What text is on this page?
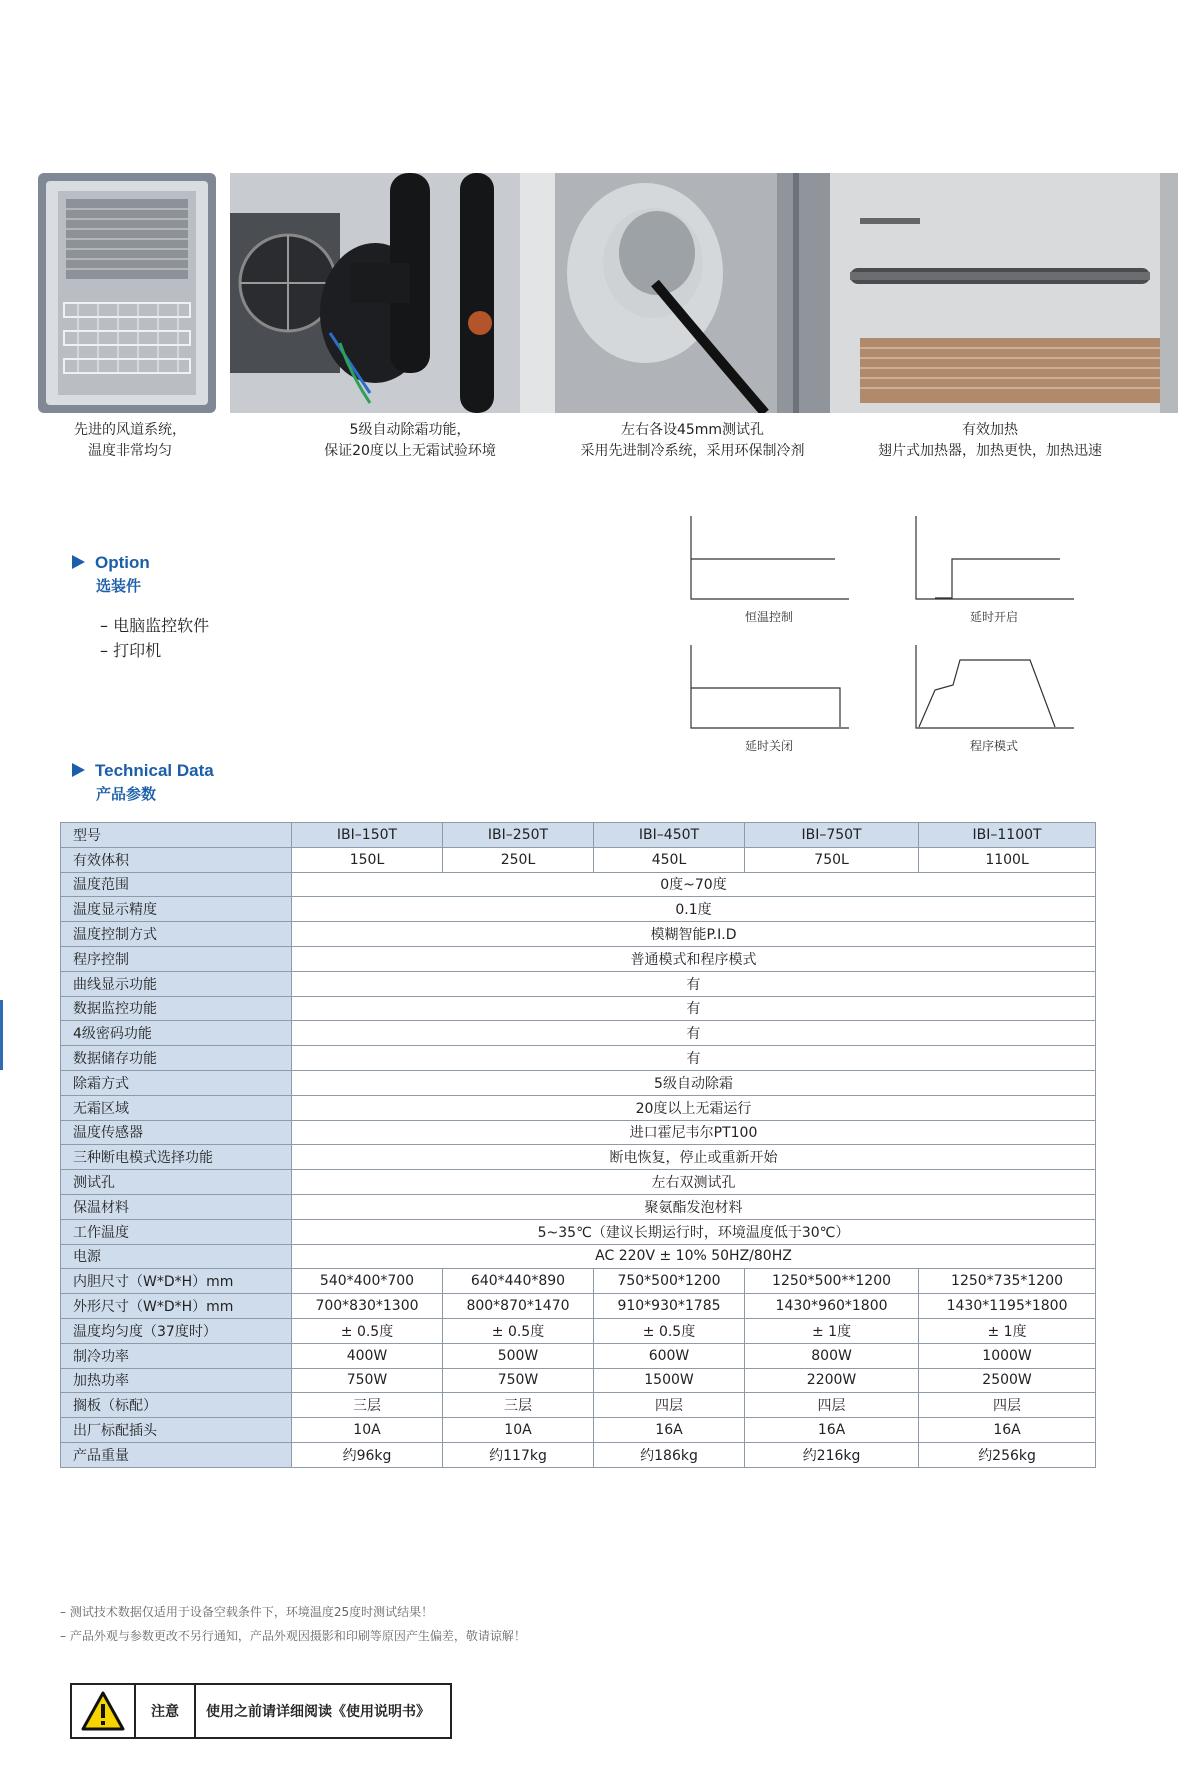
先进的风道系统，
温度非常均匀
5级自动除霜功能，
保证20度以上无霜试验环境
左右各设45mm测试孔
采用先进制冷系统，采用环保制冷剂
有效加热
翅片式加热器，加热更快，加热迅速
Option
选装件
– 电脑监控软件
– 打印机
恒温控制	延时开启
延时关闭	程序模式
Technical Data
产品参数
型号	IBI–150T	IBI–250T	IBI–450T	IBI–750T	IBI–1100T
有效体积	150L	250L	450L	750L	1100L
温度范围	0度~70度				
温度显示精度	0.1度				
温度控制方式	模糊智能P.I.D				
程序控制	普通模式和程序模式				
曲线显示功能	有				
数据监控功能	有				
4级密码功能	有				
数据储存功能	有				
除霜方式	5级自动除霜				
无霜区域	20度以上无霜运行				
温度传感器	进口霍尼韦尔PT100				
三种断电模式选择功能	断电恢复，停止或重新开始				
测试孔	左右双测试孔				
保温材料	聚氨酯发泡材料				
工作温度	5~35℃（建议长期运行时，环境温度低于30℃）				
电源	AC 220V ± 10% 50HZ/80HZ				
内胆尺寸（W*D*H）mm	540*400*700	640*440*890	750*500*1200	1250*500**1200	1250*735*1200
外形尺寸（W*D*H）mm	700*830*1300	800*870*1470	910*930*1785	1430*960*1800	1430*1195*1800
温度均匀度（37度时）	± 0.5度	± 0.5度	± 0.5度	± 1度	± 1度
制冷功率	400W	500W	600W	800W	1000W
加热功率	750W	750W	1500W	2200W	2500W
搁板（标配）	三层	三层	四层	四层	四层
出厂标配插头	10A	10A	16A	16A	16A
产品重量	约96kg	约117kg	约186kg	约216kg	约256kg
– 测试技术数据仅适用于设备空载条件下，环境温度25度时测试结果！
– 产品外观与参数更改不另行通知，产品外观因摄影和印刷等原因产生偏差，敬请谅解！
注意	使用之前请详细阅读《使用说明书》
